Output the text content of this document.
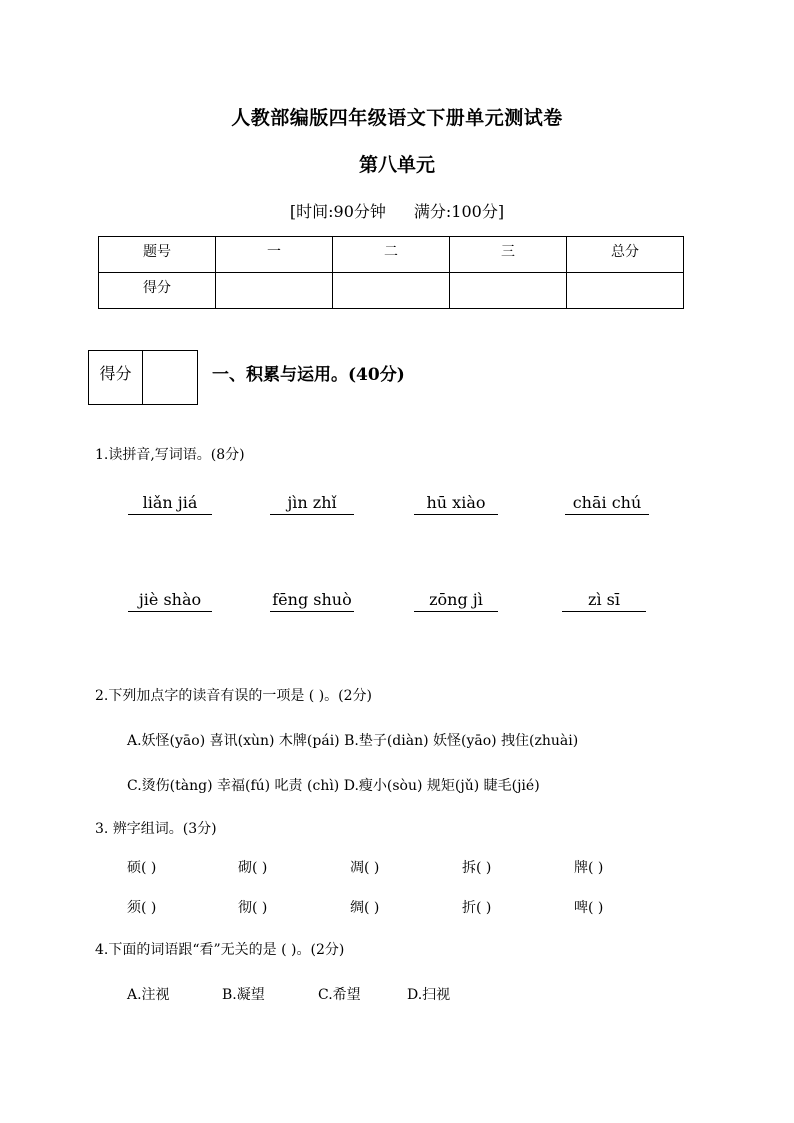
人教部编版四年级语文下册单元测试卷
第八单元
[时间:90分钟 满分:100分]
题号	一	二	三	总分
得分				
得分	一、积累与运用。(40分)
1.读拼音,写词语。(8分)
liǎn jiá	jìn zhǐ	hū xiào	chāi chú
jiè shào	fēng shuò	zōng jì	zì sī
2.下列加点字的读音有误的一项是 ( )。(2分)
A.妖怪(yāo) 喜讯(xùn) 木牌(pái) B.垫子(diàn) 妖怪(yāo) 拽住(zhuài)
C.烫伤(tàng) 幸福(fú) 叱责 (chì) D.瘦小(sòu) 规矩(jǔ) 睫毛(jié)
3. 辨字组词。(3分)
硕( )	砌( )	凋( )	拆( )	牌( )
须( )	彻( )	绸( )	折( )	啤( )
4.下面的词语跟“看”无关的是 ( )。(2分)
A.注视	B.凝望	C.希望	D.扫视
